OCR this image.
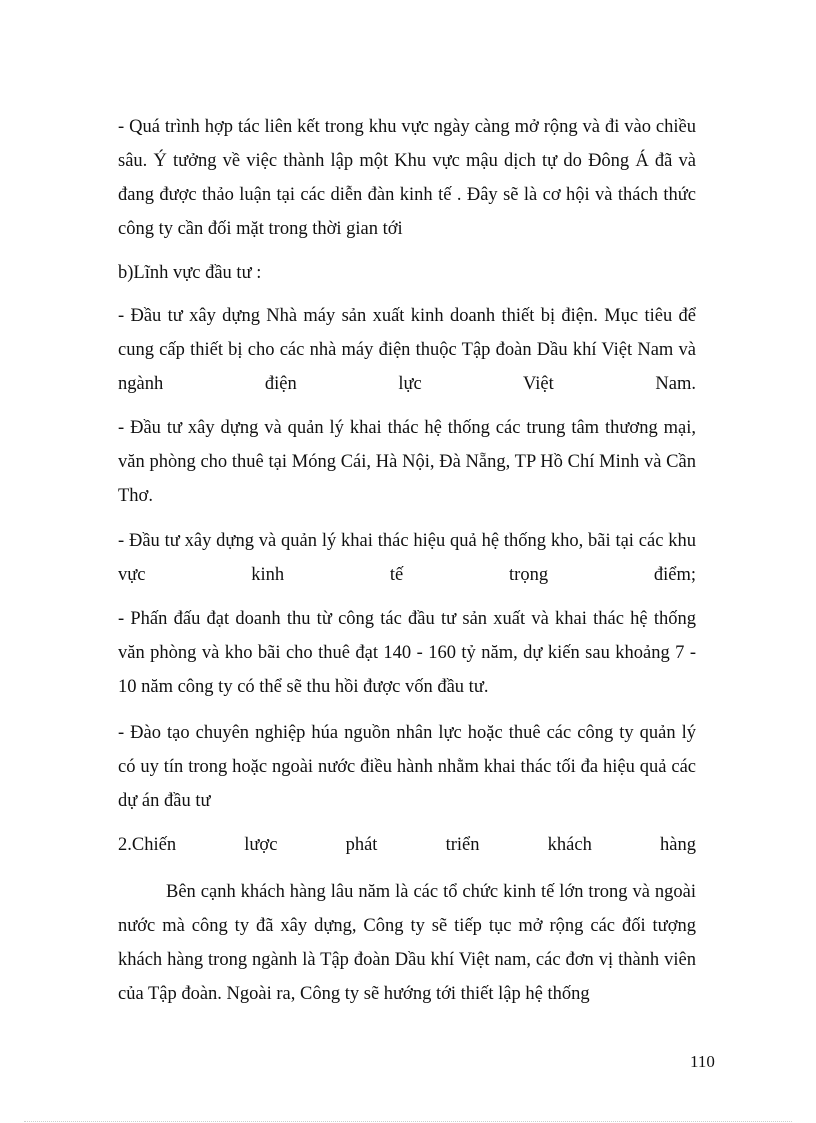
- Quá trình hợp tác liên kết trong khu vực ngày càng mở rộng và đi vào chiều sâu. Ý tưởng về việc thành lập một Khu vực mậu dịch tự do Đông Á đã và đang được thảo luận tại các diễn đàn kinh tế . Đây sẽ là cơ hội và thách thức công ty cần đối mặt trong thời gian tới

b)Lĩnh vực đầu tư :

- Đầu tư xây dựng Nhà máy sản xuất kinh doanh thiết bị điện. Mục tiêu để cung cấp thiết bị cho các nhà máy điện thuộc Tập đoàn Dầu khí Việt Nam và ngành điện lực Việt Nam.

- Đầu tư xây dựng và quản lý khai thác hệ thống các trung tâm thương mại, văn phòng cho thuê tại Móng Cái, Hà Nội, Đà Nẵng, TP Hồ Chí Minh và Cần Thơ.

- Đầu tư xây dựng và quản lý khai thác hiệu quả hệ thống kho, bãi tại các khu vực kinh tế trọng điểm;

- Phấn đấu đạt doanh thu từ công tác đầu tư sản xuất và khai thác hệ thống văn phòng và kho bãi cho thuê đạt 140 - 160 tỷ năm, dự kiến sau khoảng 7 - 10 năm công ty có thể sẽ thu hồi được vốn đầu tư.

- Đào tạo chuyên nghiệp húa nguồn nhân lực hoặc thuê các công ty quản lý có uy tín trong hoặc ngoài nước điều hành nhằm khai thác tối đa hiệu quả các dự án đầu tư

2.Chiến lược phát triển khách hàng

Bên cạnh khách hàng lâu năm là các tổ chức kinh tế lớn trong và ngoài nước mà công ty đã xây dựng, Công ty sẽ tiếp tục mở rộng các đối tượng khách hàng trong ngành là Tập đoàn Dầu khí Việt nam, các đơn vị thành viên của Tập đoàn. Ngoài ra, Công ty sẽ hướng tới thiết lập hệ thống

110
